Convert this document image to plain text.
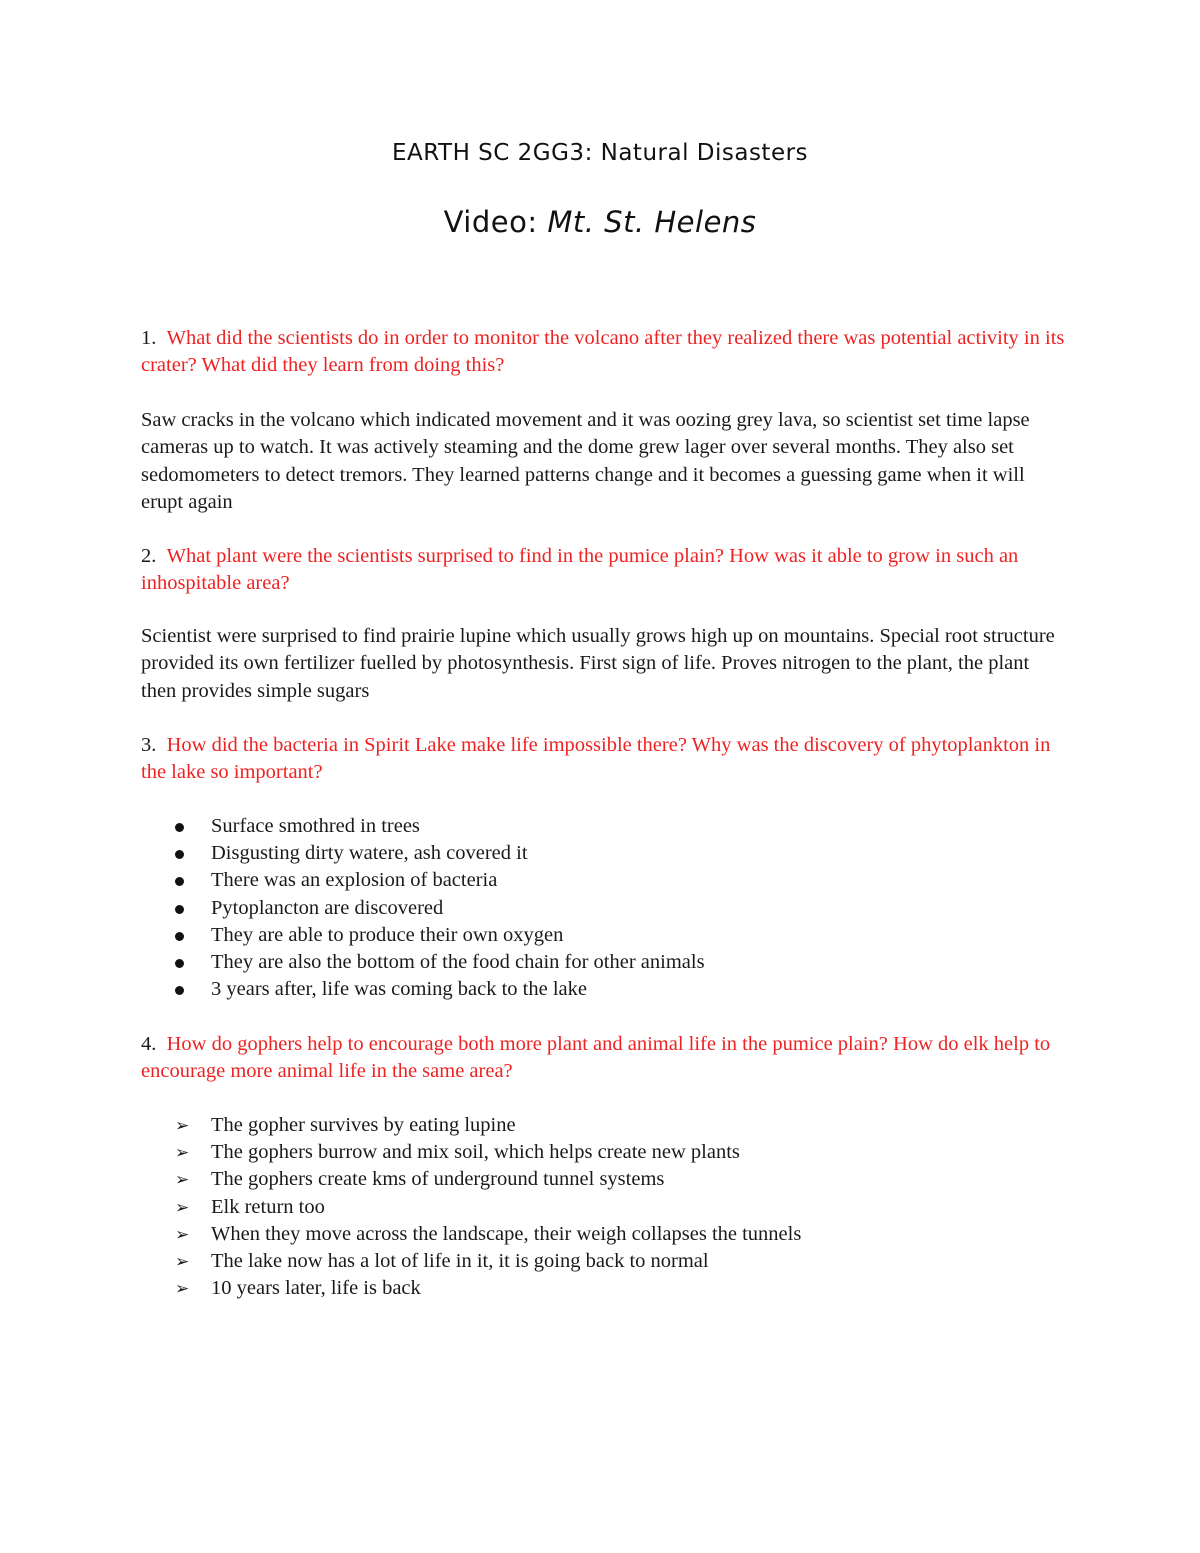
EARTH SC 2GG3: Natural Disasters
Video: Mt. St. Helens
1. What did the scientists do in order to monitor the volcano after they realized there was potential activity in its crater? What did they learn from doing this?
Saw cracks in the volcano which indicated movement and it was oozing grey lava, so scientist set time lapse cameras up to watch. It was actively steaming and the dome grew lager over several months. They also set sedomometers to detect tremors. They learned patterns change and it becomes a guessing game when it will erupt again
2. What plant were the scientists surprised to find in the pumice plain? How was it able to grow in such an inhospitable area?
Scientist were surprised to find prairie lupine which usually grows high up on mountains. Special root structure provided its own fertilizer fuelled by photosynthesis. First sign of life. Proves nitrogen to the plant, the plant then provides simple sugars
3. How did the bacteria in Spirit Lake make life impossible there? Why was the discovery of phytoplankton in the lake so important?
Surface smothred in trees
Disgusting dirty watere, ash covered it
There was an explosion of bacteria
Pytoplancton are discovered
They are able to produce their own oxygen
They are also the bottom of the food chain for other animals
3 years after, life was coming back to the lake
4. How do gophers help to encourage both more plant and animal life in the pumice plain? How do elk help to encourage more animal life in the same area?
➢ The gopher survives by eating lupine
➢ The gophers burrow and mix soil, which helps create new plants
➢ The gophers create kms of underground tunnel systems
➢ Elk return too
➢ When they move across the landscape, their weigh collapses the tunnels
➢ The lake now has a lot of life in it, it is going back to normal
➢ 10 years later, life is back
